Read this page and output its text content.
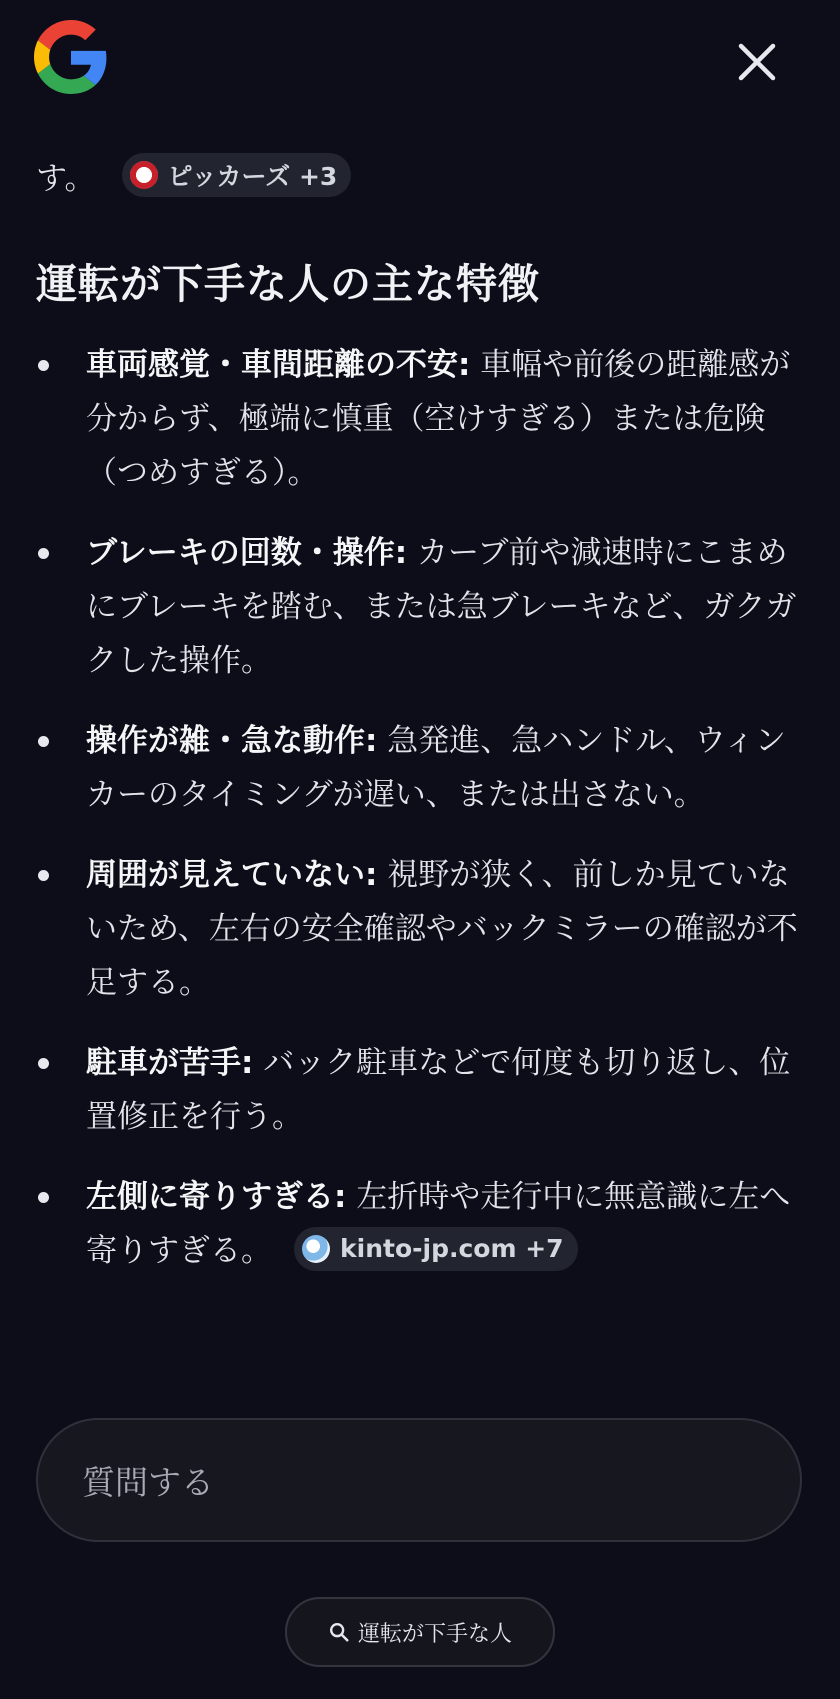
す。	ピッカーズ +3
運転が下手な人の主な特徴
車両感覚・車間距離の不安: 車幅や前後の距離感が分からず、極端に慎重（空けすぎる）または危険（つめすぎる）。
ブレーキの回数・操作: カーブ前や減速時にこまめにブレーキを踏む、または急ブレーキなど、ガクガクした操作。
操作が雑・急な動作: 急発進、急ハンドル、ウィンカーのタイミングが遅い、または出さない。
周囲が見えていない: 視野が狭く、前しか見ていないため、左右の安全確認やバックミラーの確認が不足する。
駐車が苦手: バック駐車などで何度も切り返し、位置修正を行う。
左側に寄りすぎる: 左折時や走行中に無意識に左へ寄りすぎる。	kinto-jp.com +7
質問する
運転が下手な人
